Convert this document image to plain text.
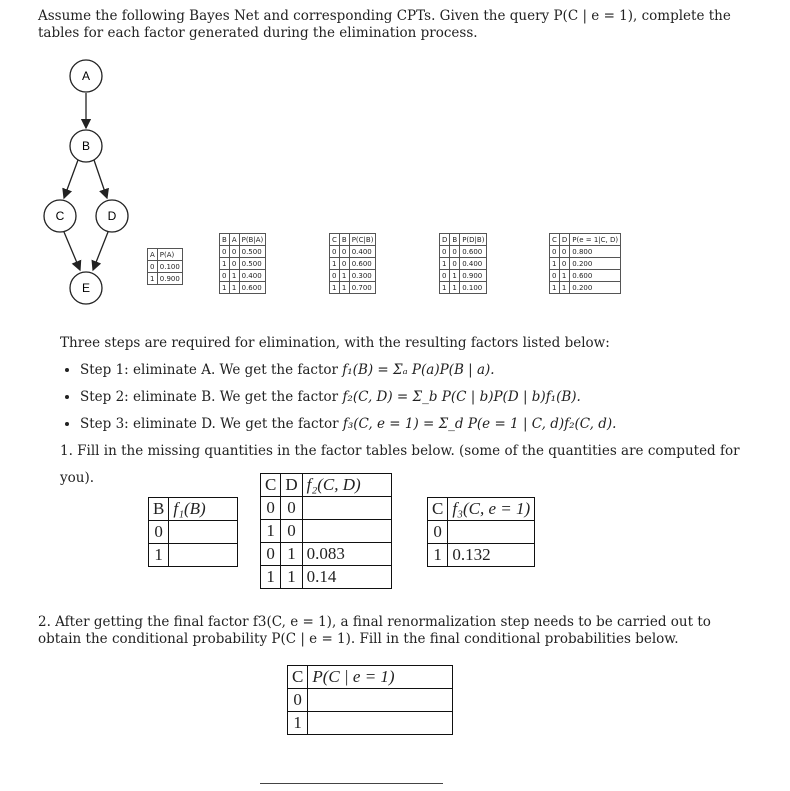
Assume the following Bayes Net and corresponding CPTs. Given the query P(C | e = 1), complete the tables for each factor generated during the elimination process.
A
B
C	D
E
A	P(A)
0	0.100
1	0.900
B	A	P(B|A)
0	0	0.500
1	0	0.500
0	1	0.400
1	1	0.600
C	B	P(C|B)
0	0	0.400
1	0	0.600
0	1	0.300
1	1	0.700
D	B	P(D|B)
0	0	0.600
1	0	0.400
0	1	0.900
1	1	0.100
C	D	P(e = 1|C, D)
0	0	0.800
1	0	0.200
0	1	0.600
1	1	0.200
Three steps are required for elimination, with the resulting factors listed below:
• Step 1: eliminate A. We get the factor f₁(B) = Σₐ P(a)P(B | a).
• Step 2: eliminate B. We get the factor f₂(C, D) = Σ_b P(C | b)P(D | b)f₁(B).
• Step 3: eliminate D. We get the factor f₃(C, e = 1) = Σ_d P(e = 1 | C, d)f₂(C, d).
1. Fill in the missing quantities in the factor tables below. (some of the quantities are computed for you).
B	f₁(B)
0	
1	
C	D	f₂(C, D)
0	0	
1	0	
0	1	0.083
1	1	0.14
C	f₃(C, e = 1)
0	
1	0.132
2. After getting the final factor f3(C, e = 1), a final renormalization step needs to be carried out to obtain the conditional probability P(C | e = 1). Fill in the final conditional probabilities below.
C	P(C | e = 1)
0	
1	
